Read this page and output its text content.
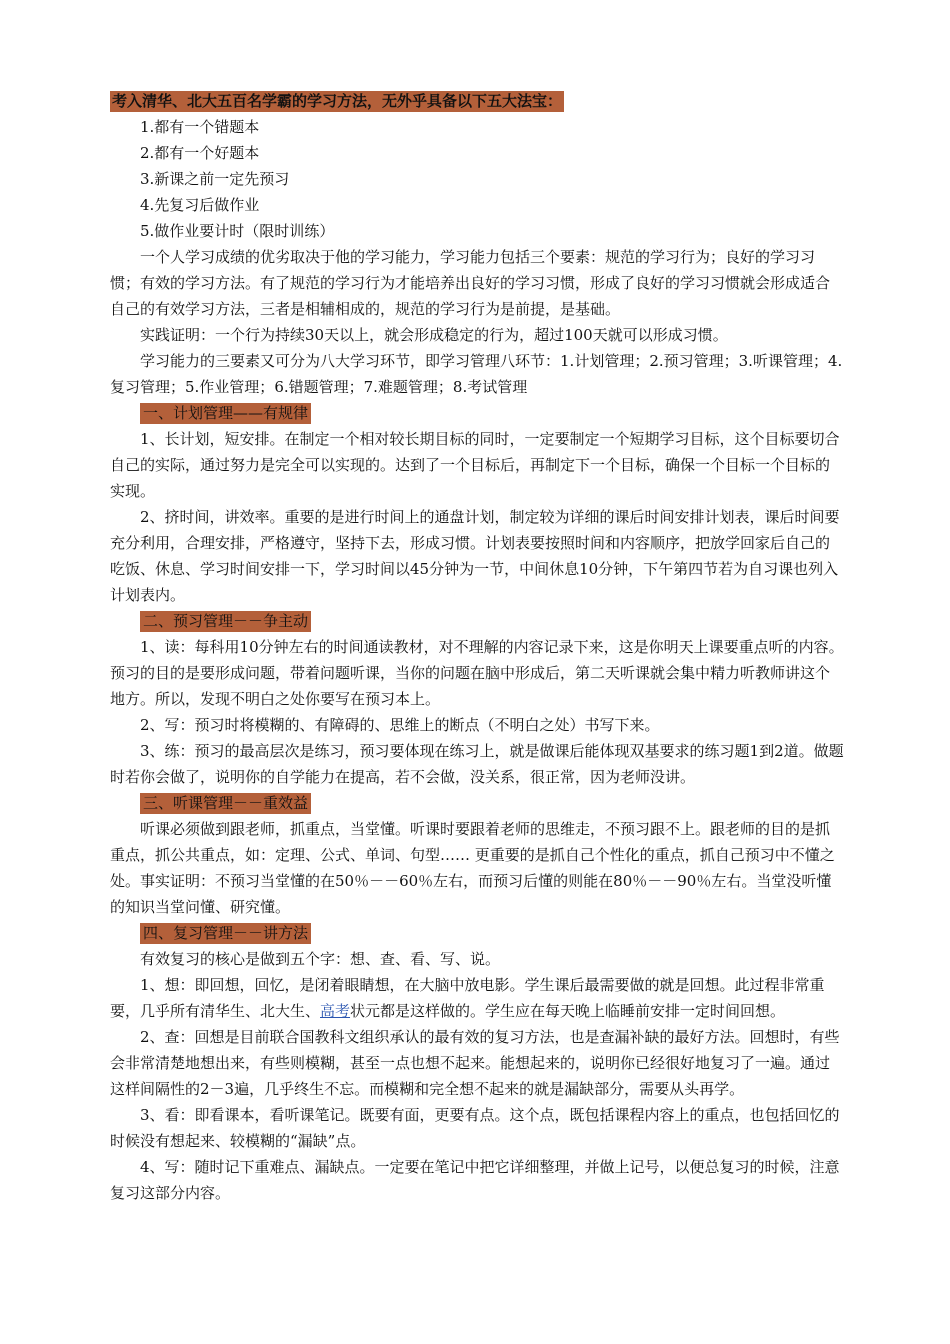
考入清华、北大五百名学霸的学习方法，无外乎具备以下五大法宝：

1.都有一个错题本

2.都有一个好题本

3.新课之前一定先预习

4.先复习后做作业

5.做作业要计时（限时训练）

一个人学习成绩的优劣取决于他的学习能力，学习能力包括三个要素：规范的学习行为；良好的学习习惯；有效的学习方法。有了规范的学习行为才能培养出良好的学习习惯，形成了良好的学习习惯就会形成适合自己的有效学习方法，三者是相辅相成的，规范的学习行为是前提，是基础。

实践证明：一个行为持续30天以上，就会形成稳定的行为，超过100天就可以形成习惯。

学习能力的三要素又可分为八大学习环节，即学习管理八环节：1.计划管理；2.预习管理；3.听课管理；4.复习管理；5.作业管理；6.错题管理；7.难题管理；8.考试管理

一、计划管理——有规律

1、长计划，短安排。在制定一个相对较长期目标的同时，一定要制定一个短期学习目标，这个目标要切合自己的实际，通过努力是完全可以实现的。达到了一个目标后，再制定下一个目标，确保一个目标一个目标的实现。

2、挤时间，讲效率。重要的是进行时间上的通盘计划，制定较为详细的课后时间安排计划表，课后时间要充分利用，合理安排，严格遵守，坚持下去，形成习惯。计划表要按照时间和内容顺序，把放学回家后自己的吃饭、休息、学习时间安排一下，学习时间以45分钟为一节，中间休息10分钟，下午第四节若为自习课也列入计划表内。

二、预习管理－－争主动

1、读：每科用10分钟左右的时间通读教材，对不理解的内容记录下来，这是你明天上课要重点听的内容。预习的目的是要形成问题，带着问题听课，当你的问题在脑中形成后，第二天听课就会集中精力听教师讲这个地方。所以，发现不明白之处你要写在预习本上。

2、写：预习时将模糊的、有障碍的、思维上的断点（不明白之处）书写下来。

3、练：预习的最高层次是练习，预习要体现在练习上，就是做课后能体现双基要求的练习题1到2道。做题时若你会做了，说明你的自学能力在提高，若不会做，没关系，很正常，因为老师没讲。

三、听课管理－－重效益

听课必须做到跟老师，抓重点，当堂懂。听课时要跟着老师的思维走，不预习跟不上。跟老师的目的是抓重点，抓公共重点，如：定理、公式、单词、句型…… 更重要的是抓自己个性化的重点，抓自己预习中不懂之处。事实证明：不预习当堂懂的在50％－－60％左右，而预习后懂的则能在80％－－90％左右。当堂没听懂的知识当堂问懂、研究懂。

四、复习管理－－讲方法

有效复习的核心是做到五个字：想、查、看、写、说。

1、想：即回想，回忆，是闭着眼睛想，在大脑中放电影。学生课后最需要做的就是回想。此过程非常重要，几乎所有清华生、北大生、高考状元都是这样做的。学生应在每天晚上临睡前安排一定时间回想。

2、查：回想是目前联合国教科文组织承认的最有效的复习方法，也是查漏补缺的最好方法。回想时，有些会非常清楚地想出来，有些则模糊，甚至一点也想不起来。能想起来的，说明你已经很好地复习了一遍。通过这样间隔性的2－3遍，几乎终生不忘。而模糊和完全想不起来的就是漏缺部分，需要从头再学。

3、看：即看课本，看听课笔记。既要有面，更要有点。这个点，既包括课程内容上的重点，也包括回忆的时候没有想起来、较模糊的“漏缺”点。

4、写：随时记下重难点、漏缺点。一定要在笔记中把它详细整理，并做上记号，以便总复习的时候，注意复习这部分内容。
